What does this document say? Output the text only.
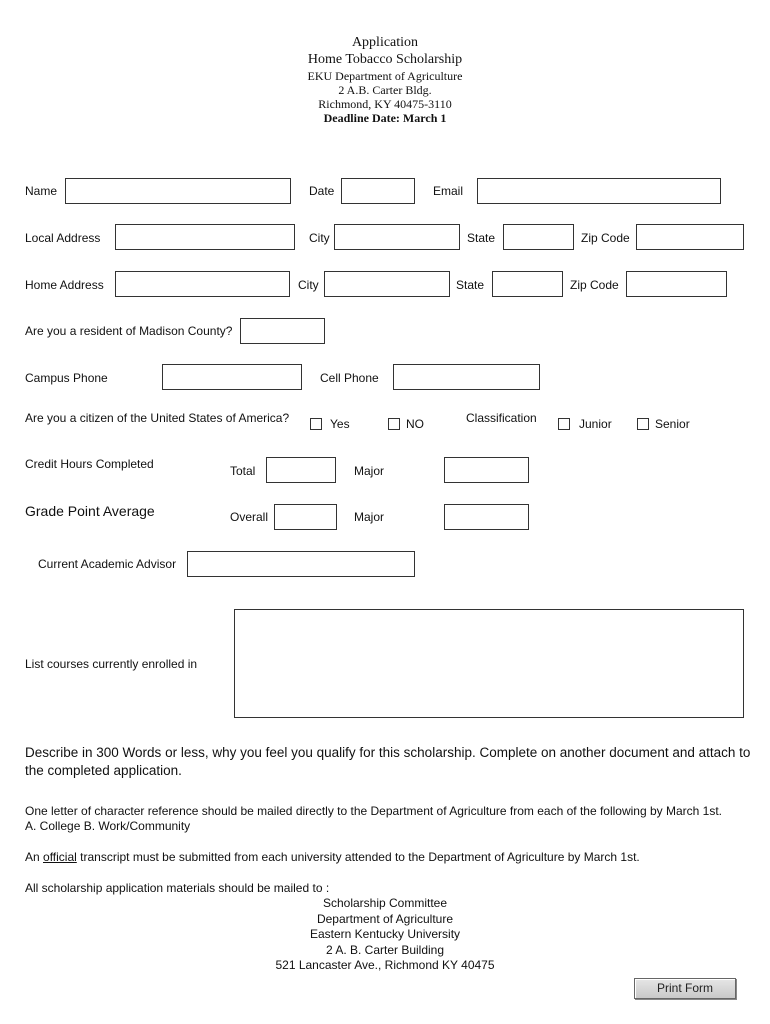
Application
Home Tobacco Scholarship
EKU Department of Agriculture
2 A.B. Carter Bldg.
Richmond, KY 40475-3110
Deadline Date: March 1
Name	Date	Email
Local Address	City	State	Zip Code
Home Address	City	State	Zip Code
Are you a resident of Madison County?
Campus Phone	Cell Phone
Are you a citizen of the United States of America?	Yes	NO	Classification	Junior	Senior
Credit Hours Completed	Total	Major
Grade Point Average	Overall	Major
Current Academic Advisor
List courses currently enrolled in
Describe in 300 Words or less, why you feel you qualify for this scholarship. Complete on another document and attach to
the completed application.
One letter of character reference should be mailed directly to the Department of Agriculture from each of the following by March 1st.
A. College B. Work/Community
An official transcript must be submitted from each university attended to the Department of Agriculture by March 1st.
All scholarship application materials should be mailed to :
Scholarship Committee
Department of Agriculture
Eastern Kentucky University
2 A. B. Carter Building
521 Lancaster Ave., Richmond KY 40475
Print Form
